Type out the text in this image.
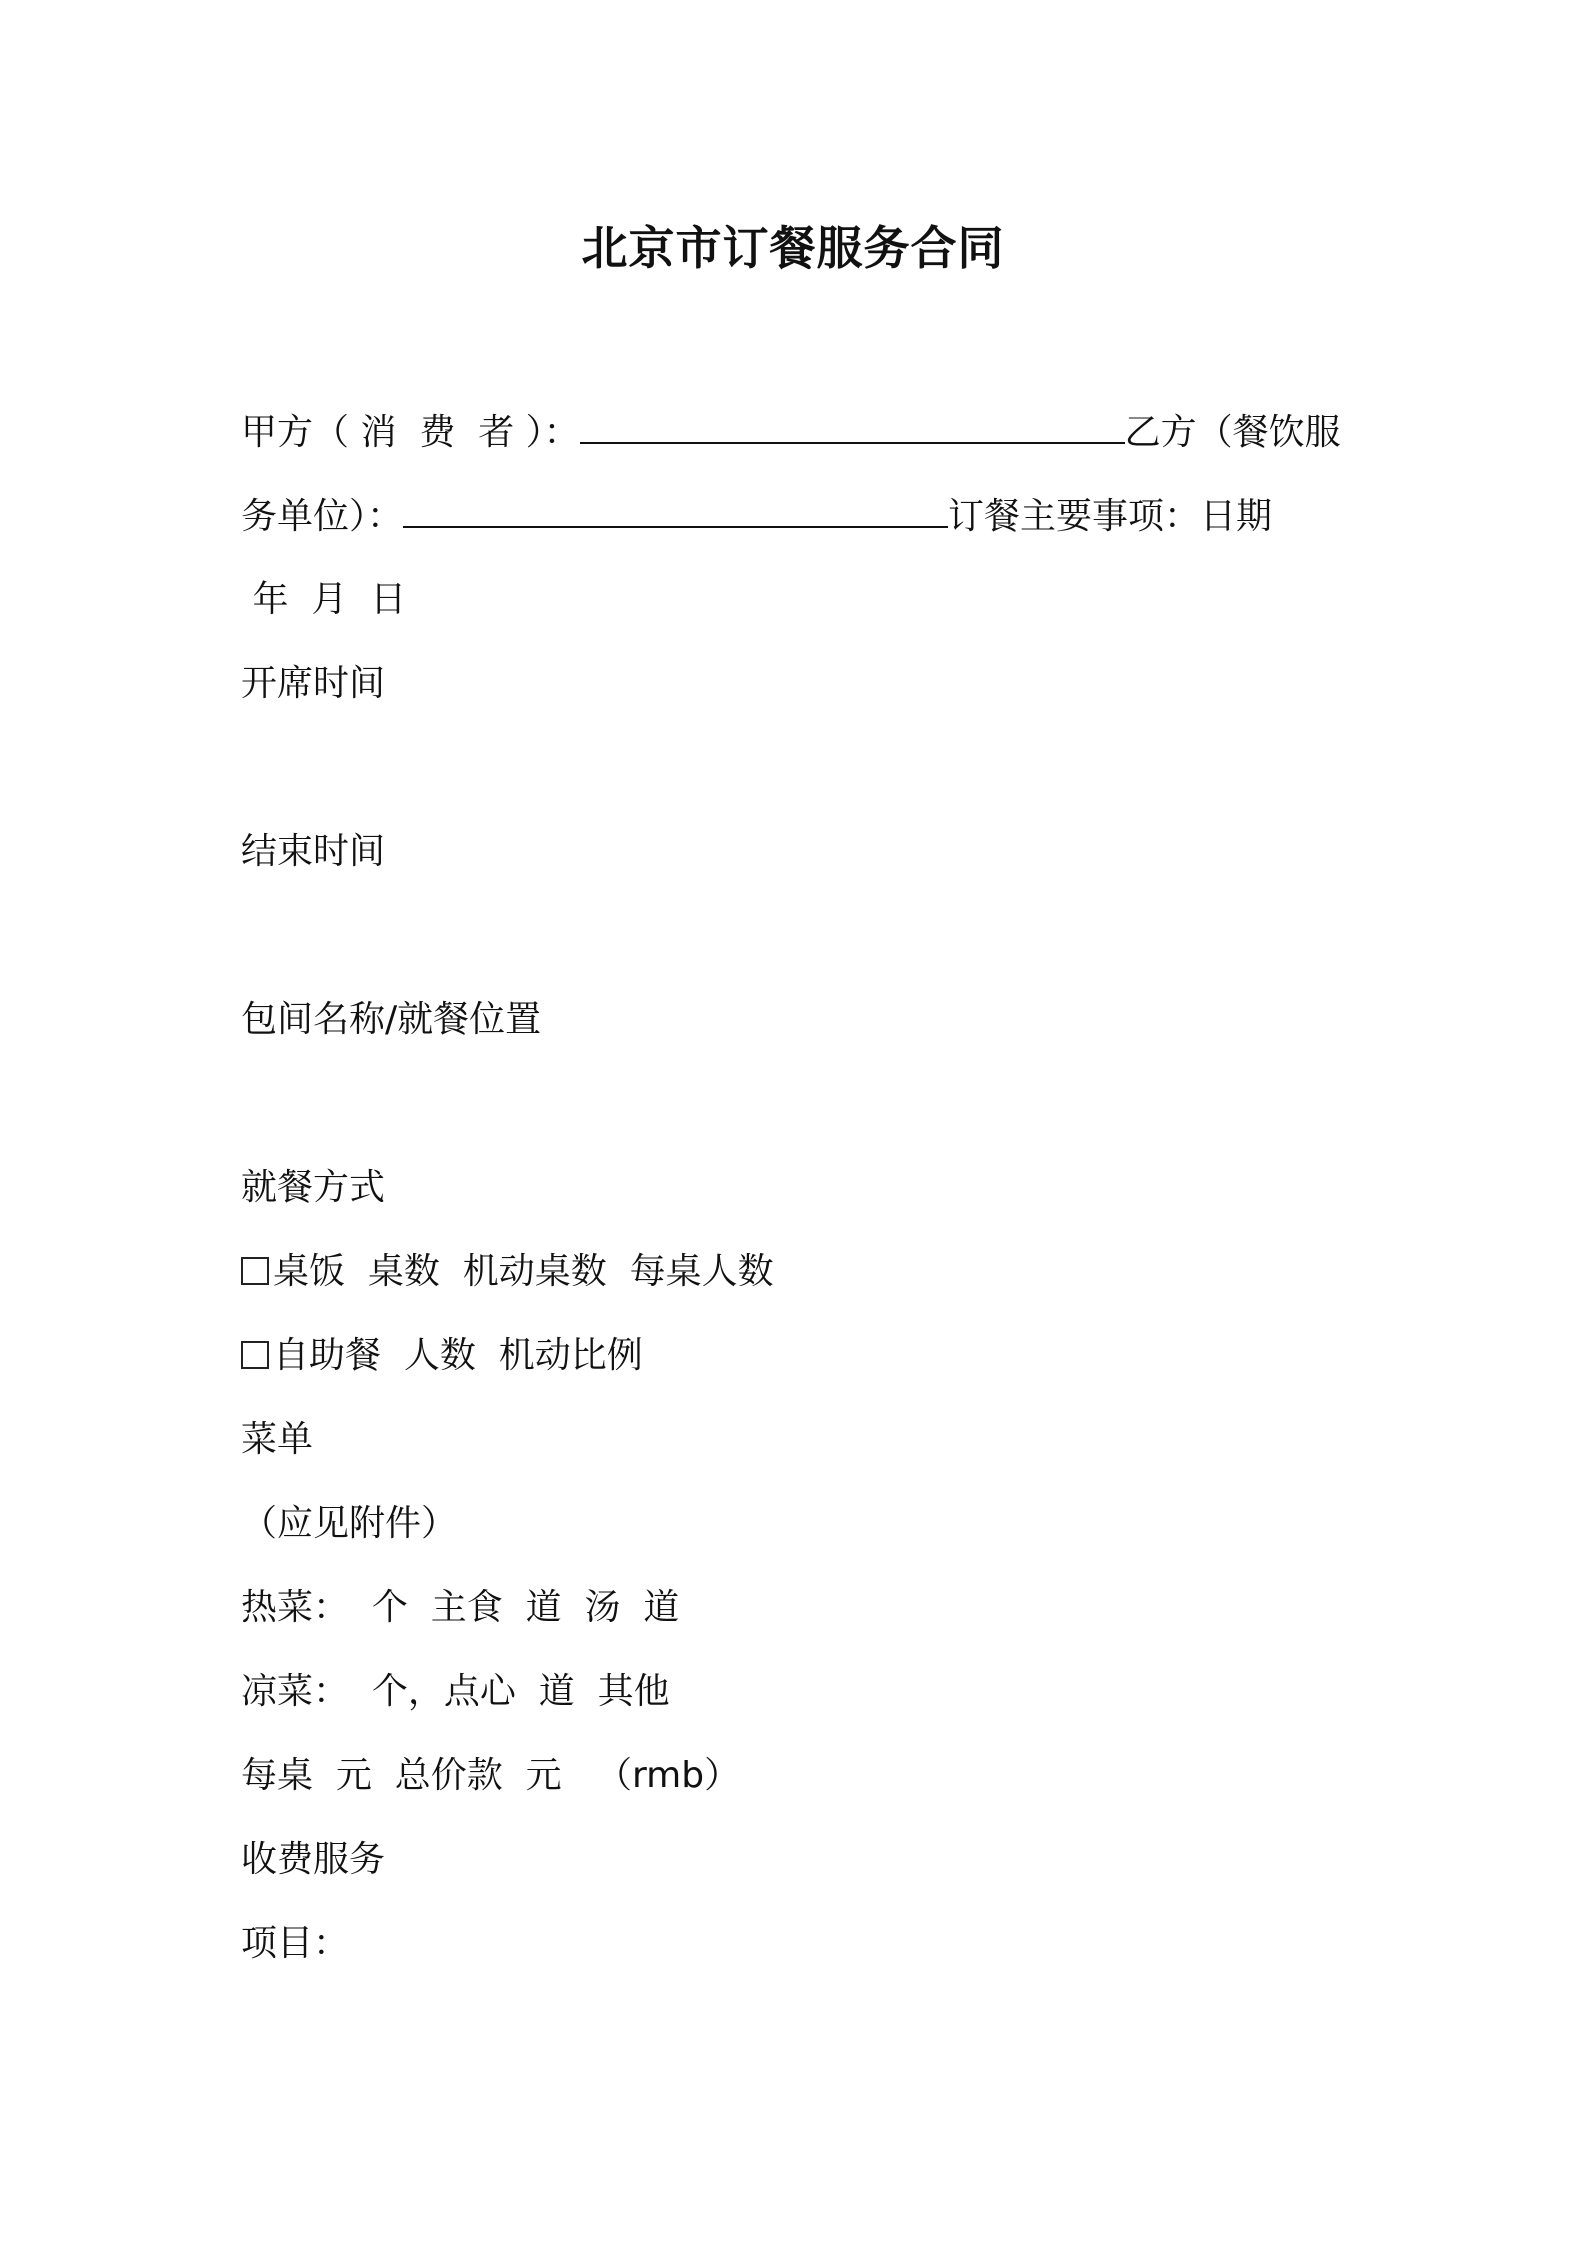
北京市订餐服务合同
甲方（ 消  费  者 ）：	乙方（餐饮服
务单位）：	订餐主要事项：日期
年  月  日
开席时间
结束时间
包间名称/就餐位置
就餐方式
桌饭  桌数  机动桌数  每桌人数
自助餐  人数  机动比例
菜单
（应见附件）
热菜：  个  主食  道  汤  道
凉菜：  个，点心  道  其他
每桌  元  总价款  元   （rmb）
收费服务
项目：
